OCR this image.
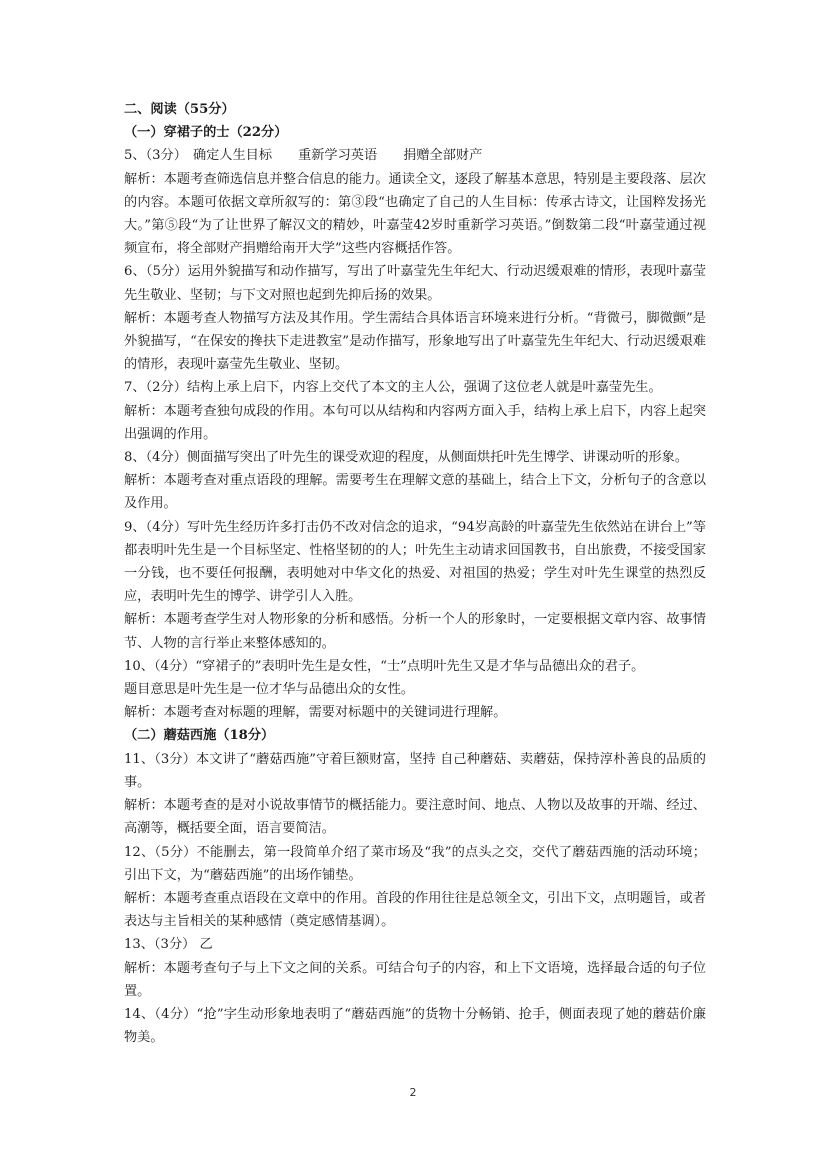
二、阅读（55分）

（一）穿裙子的士（22分）

5、（3分） 确定人生目标 重新学习英语 捐赠全部财产

解析：本题考查筛选信息并整合信息的能力。通读全文，逐段了解基本意思，特别是主要段落、层次的内容。本题可依据文章所叙写的：第③段“也确定了自己的人生目标：传承古诗文，让国粹发扬光大。”第⑤段“为了让世界了解汉文的精妙，叶嘉莹42岁时重新学习英语。”倒数第二段“叶嘉莹通过视频宣布，将全部财产捐赠给南开大学”这些内容概括作答。

6、（5分）运用外貌描写和动作描写，写出了叶嘉莹先生年纪大、行动迟缓艰难的情形，表现叶嘉莹先生敬业、坚韧；与下文对照也起到先抑后扬的效果。

解析：本题考查人物描写方法及其作用。学生需结合具体语言环境来进行分析。“背微弓，脚微颤”是外貌描写，“在保安的搀扶下走进教室”是动作描写，形象地写出了叶嘉莹先生年纪大、行动迟缓艰难的情形，表现叶嘉莹先生敬业、坚韧。

7、（2分）结构上承上启下，内容上交代了本文的主人公，强调了这位老人就是叶嘉莹先生。

解析：本题考查独句成段的作用。本句可以从结构和内容两方面入手，结构上承上启下，内容上起突出强调的作用。

8、（4分）侧面描写突出了叶先生的课受欢迎的程度，从侧面烘托叶先生博学、讲课动听的形象。

解析：本题考查对重点语段的理解。需要考生在理解文意的基础上，结合上下文，分析句子的含意以及作用。

9、（4分）写叶先生经历许多打击仍不改对信念的追求，“94岁高龄的叶嘉莹先生依然站在讲台上”等都表明叶先生是一个目标坚定、性格坚韧的的人；叶先生主动请求回国教书，自出旅费，不接受国家一分钱，也不要任何报酬，表明她对中华文化的热爱、对祖国的热爱；学生对叶先生课堂的热烈反应，表明叶先生的博学、讲学引人入胜。

解析：本题考查学生对人物形象的分析和感悟。分析一个人的形象时，一定要根据文章内容、故事情节、人物的言行举止来整体感知的。

10、（4分）“穿裙子的”表明叶先生是女性，“士”点明叶先生又是才华与品德出众的君子。

题目意思是叶先生是一位才华与品德出众的女性。

解析：本题考查对标题的理解，需要对标题中的关键词进行理解。

（二）蘑菇西施（18分）

11、（3分）本文讲了“蘑菇西施”守着巨额财富，坚持 自己种蘑菇、卖蘑菇，保持淳朴善良的品质的事。

解析：本题考查的是对小说故事情节的概括能力。要注意时间、地点、人物以及故事的开端、经过、高潮等，概括要全面，语言要简洁。

12、（5分）不能删去，第一段简单介绍了菜市场及“我”的点头之交，交代了蘑菇西施的活动环境；引出下文，为“蘑菇西施”的出场作铺垫。

解析：本题考查重点语段在文章中的作用。首段的作用往往是总领全文，引出下文，点明题旨，或者表达与主旨相关的某种感情（奠定感情基调）。

13、（3分） 乙

解析：本题考查句子与上下文之间的关系。可结合句子的内容，和上下文语境，选择最合适的句子位置。

14、（4分）“抢”字生动形象地表明了“蘑菇西施”的货物十分畅销、抢手，侧面表现了她的蘑菇价廉物美。

2
